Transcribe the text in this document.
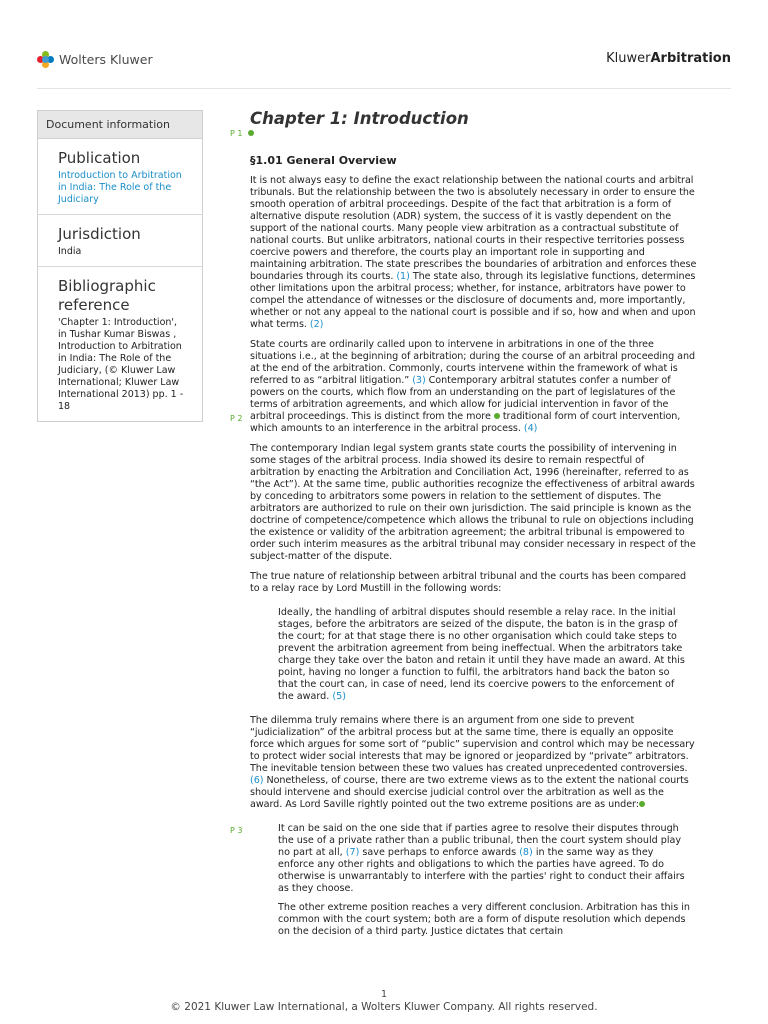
Wolters Kluwer	KluwerArbitration
Document information
Publication
Introduction to Arbitration in India: The Role of the Judiciary
Jurisdiction
India
Bibliographic reference
'Chapter 1: Introduction', in Tushar Kumar Biswas , Introduction to Arbitration in India: The Role of the Judiciary, (© Kluwer Law International; Kluwer Law International 2013) pp. 1 - 18
P 1
P 2
P 3
Chapter 1: Introduction
§1.01 General Overview

It is not always easy to define the exact relationship between the national courts and arbitral tribunals. But the relationship between the two is absolutely necessary in order to ensure the smooth operation of arbitral proceedings. Despite of the fact that arbitration is a form of alternative dispute resolution (ADR) system, the success of it is vastly dependent on the support of the national courts. Many people view arbitration as a contractual substitute of national courts. But unlike arbitrators, national courts in their respective territories possess coercive powers and therefore, the courts play an important role in supporting and maintaining arbitration. The state prescribes the boundaries of arbitration and enforces these boundaries through its courts. (1) The state also, through its legislative functions, determines other limitations upon the arbitral process; whether, for instance, arbitrators have power to compel the attendance of witnesses or the disclosure of documents and, more importantly, whether or not any appeal to the national court is possible and if so, how and when and upon what terms. (2)

State courts are ordinarily called upon to intervene in arbitrations in one of the three situations i.e., at the beginning of arbitration; during the course of an arbitral proceeding and at the end of the arbitration. Commonly, courts intervene within the framework of what is referred to as “arbitral litigation.” (3) Contemporary arbitral statutes confer a number of powers on the courts, which flow from an understanding on the part of legislatures of the terms of arbitration agreements, and which allow for judicial intervention in favor of the arbitral proceedings. This is distinct from the more traditional form of court intervention, which amounts to an interference in the arbitral process. (4)

The contemporary Indian legal system grants state courts the possibility of intervening in some stages of the arbitral process. India showed its desire to remain respectful of arbitration by enacting the Arbitration and Conciliation Act, 1996 (hereinafter, referred to as “the Act”). At the same time, public authorities recognize the effectiveness of arbitral awards by conceding to arbitrators some powers in relation to the settlement of disputes. The arbitrators are authorized to rule on their own jurisdiction. The said principle is known as the doctrine of competence/competence which allows the tribunal to rule on objections including the existence or validity of the arbitration agreement; the arbitral tribunal is empowered to order such interim measures as the arbitral tribunal may consider necessary in respect of the subject-matter of the dispute.

The true nature of relationship between arbitral tribunal and the courts has been compared to a relay race by Lord Mustill in the following words:

Ideally, the handling of arbitral disputes should resemble a relay race. In the initial stages, before the arbitrators are seized of the dispute, the baton is in the grasp of the court; for at that stage there is no other organisation which could take steps to prevent the arbitration agreement from being ineffectual. When the arbitrators take charge they take over the baton and retain it until they have made an award. At this point, having no longer a function to fulfil, the arbitrators hand back the baton so that the court can, in case of need, lend its coercive powers to the enforcement of the award. (5)

The dilemma truly remains where there is an argument from one side to prevent “judicialization” of the arbitral process but at the same time, there is equally an opposite force which argues for some sort of “public” supervision and control which may be necessary to protect wider social interests that may be ignored or jeopardized by “private” arbitrators. The inevitable tension between these two values has created unprecedented controversies. (6) Nonetheless, of course, there are two extreme views as to the extent the national courts should intervene and should exercise judicial control over the arbitration as well as the award. As Lord Saville rightly pointed out the two extreme positions are as under:

It can be said on the one side that if parties agree to resolve their disputes through the use of a private rather than a public tribunal, then the court system should play no part at all, (7) save perhaps to enforce awards (8) in the same way as they enforce any other rights and obligations to which the parties have agreed. To do otherwise is unwarrantably to interfere with the parties' right to conduct their affairs as they choose.

The other extreme position reaches a very different conclusion. Arbitration has this in common with the court system; both are a form of dispute resolution which depends on the decision of a third party. Justice dictates that certain

1
© 2021 Kluwer Law International, a Wolters Kluwer Company. All rights reserved.
